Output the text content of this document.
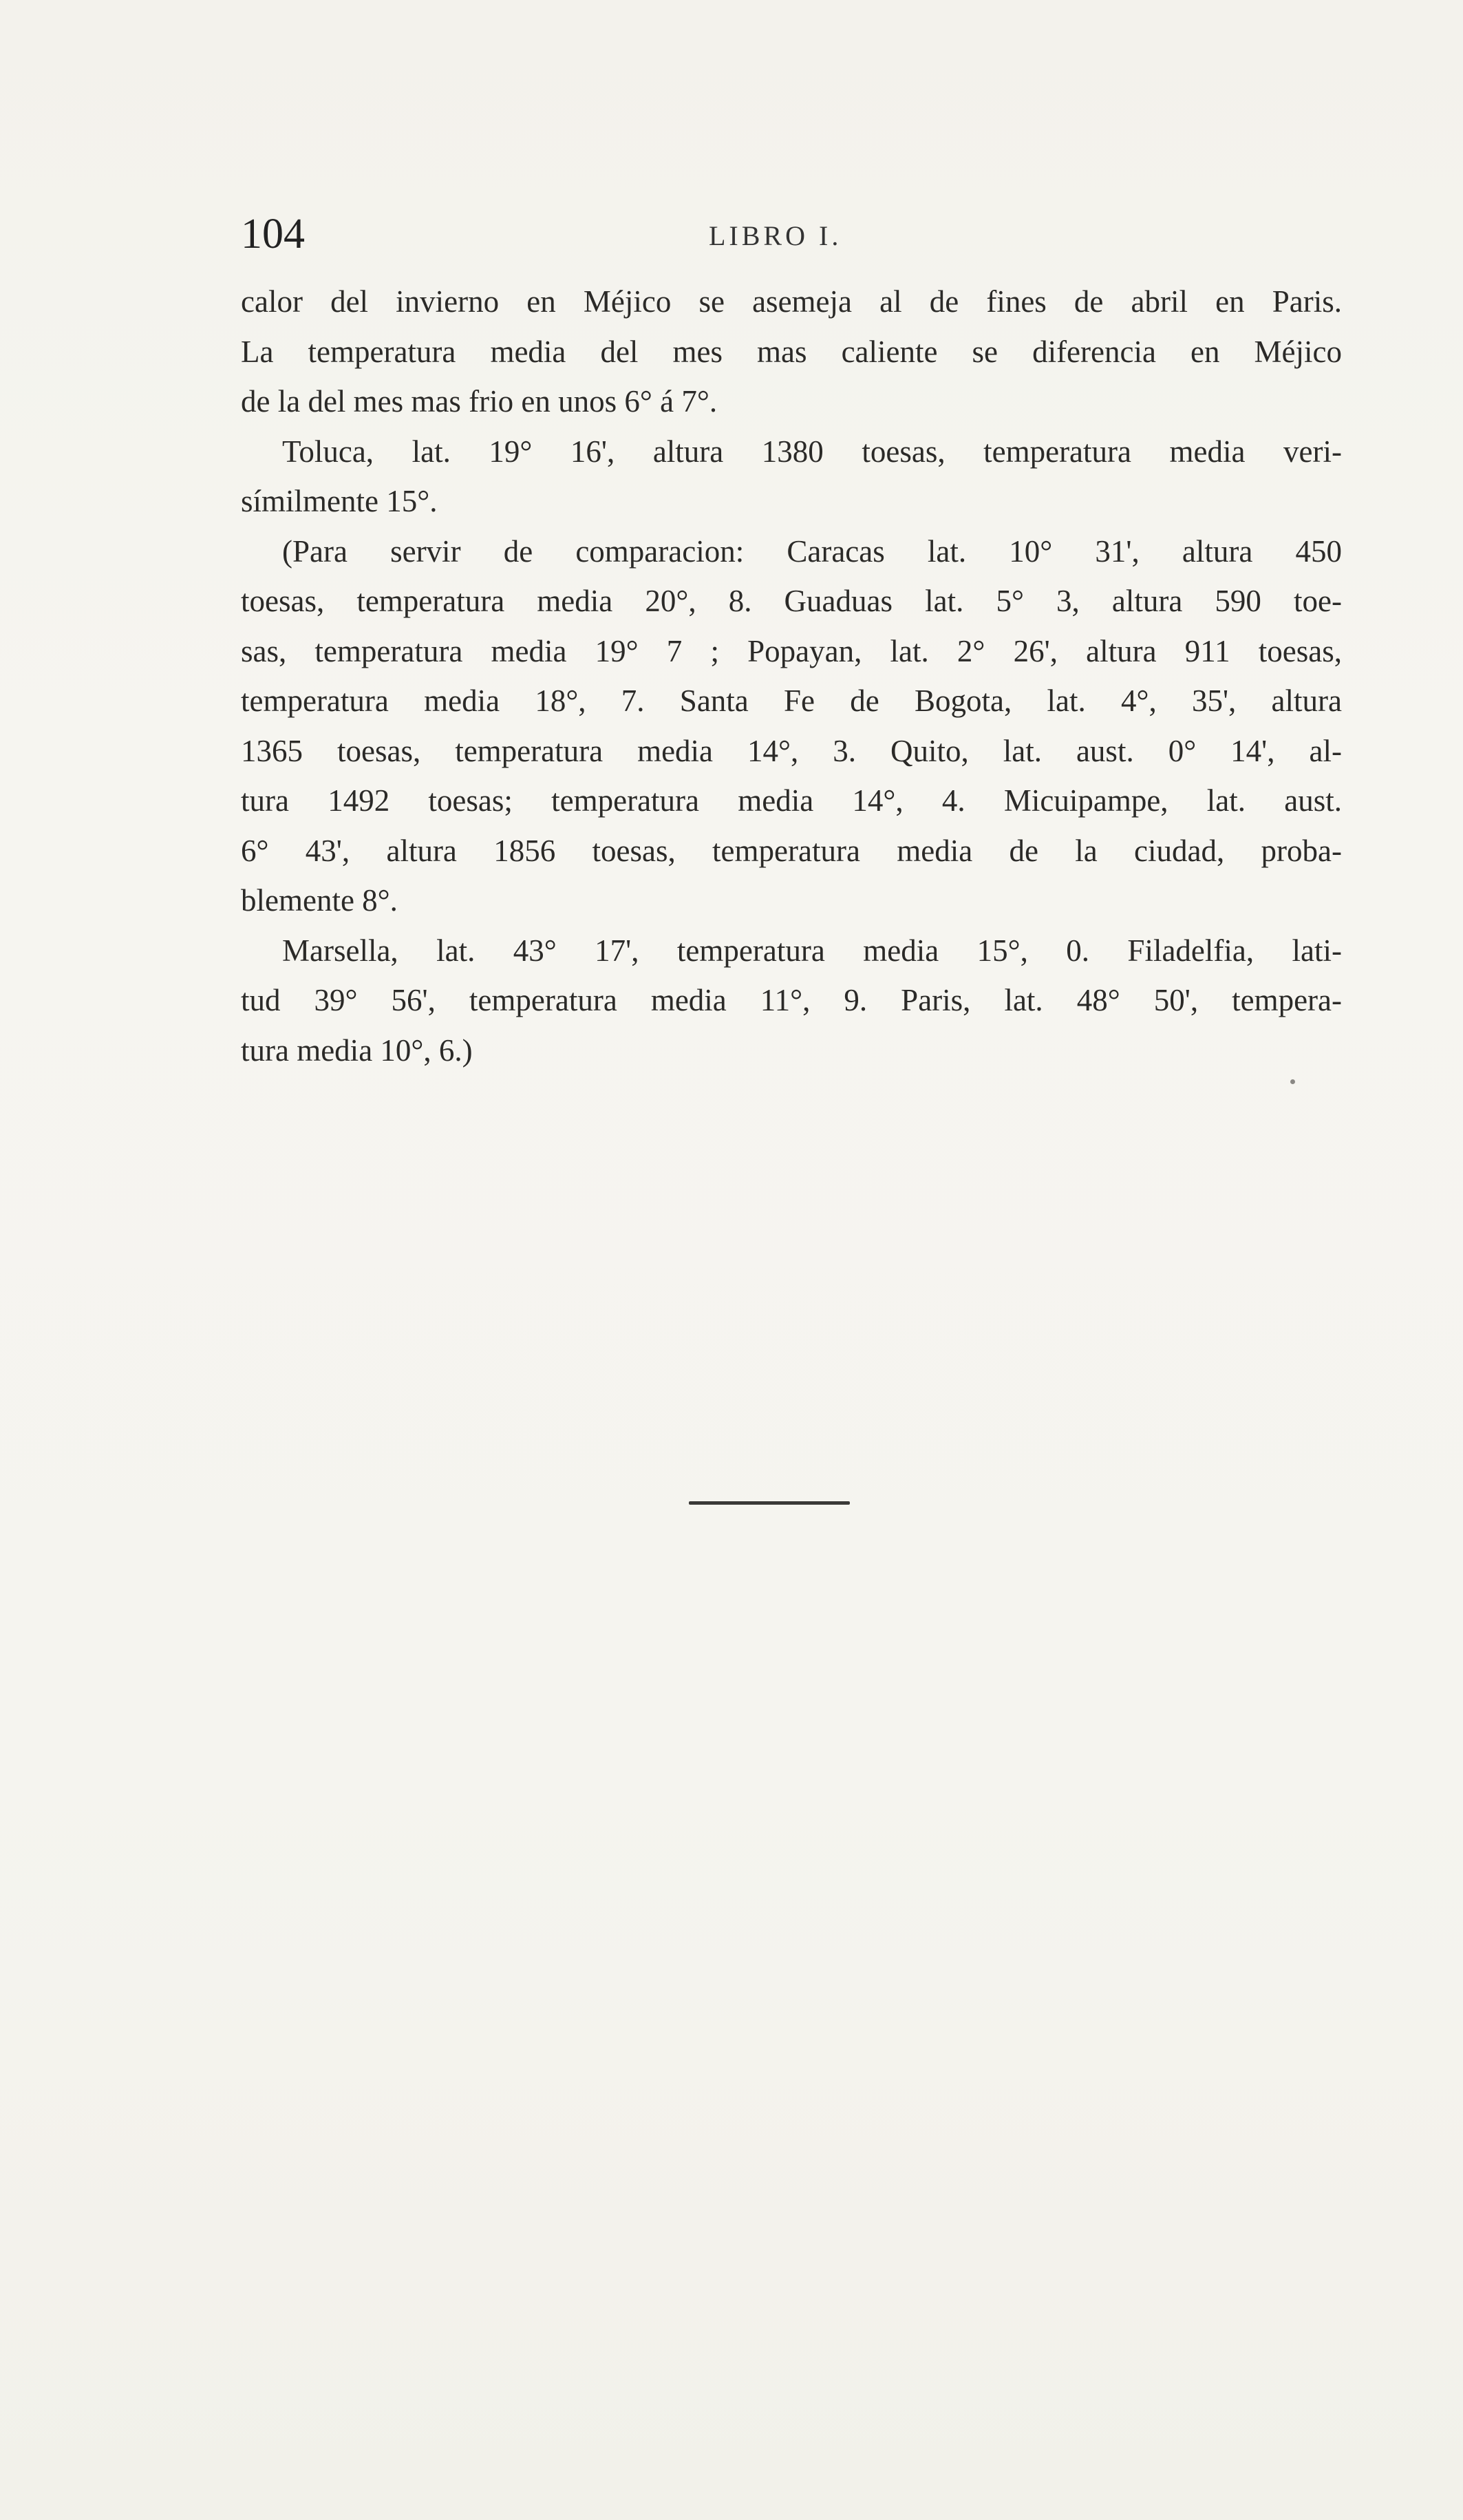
104	LIBRO I.

calor del invierno en Méjico se asemeja al de fines de abril en Paris.
La temperatura media del mes mas caliente se diferencia en Méjico
de la del mes mas frio en unos 6° á 7°.

Toluca, lat. 19° 16', altura 1380 toesas, temperatura media veri-
símilmente 15°.

(Para servir de comparacion: Caracas lat. 10° 31', altura 450
toesas, temperatura media 20°, 8. Guaduas lat. 5° 3, altura 590 toe-
sas, temperatura media 19° 7 ; Popayan, lat. 2° 26', altura 911 toesas,
temperatura media 18°, 7. Santa Fe de Bogota, lat. 4°, 35', altura
1365 toesas, temperatura media 14°, 3. Quito, lat. aust. 0° 14', al-
tura 1492 toesas; temperatura media 14°, 4. Micuipampe, lat. aust.
6° 43', altura 1856 toesas, temperatura media de la ciudad, proba-
blemente 8°.

Marsella, lat. 43° 17', temperatura media 15°, 0. Filadelfia, lati-
tud 39° 56', temperatura media 11°, 9. Paris, lat. 48° 50', tempera-
tura media 10°, 6.)
